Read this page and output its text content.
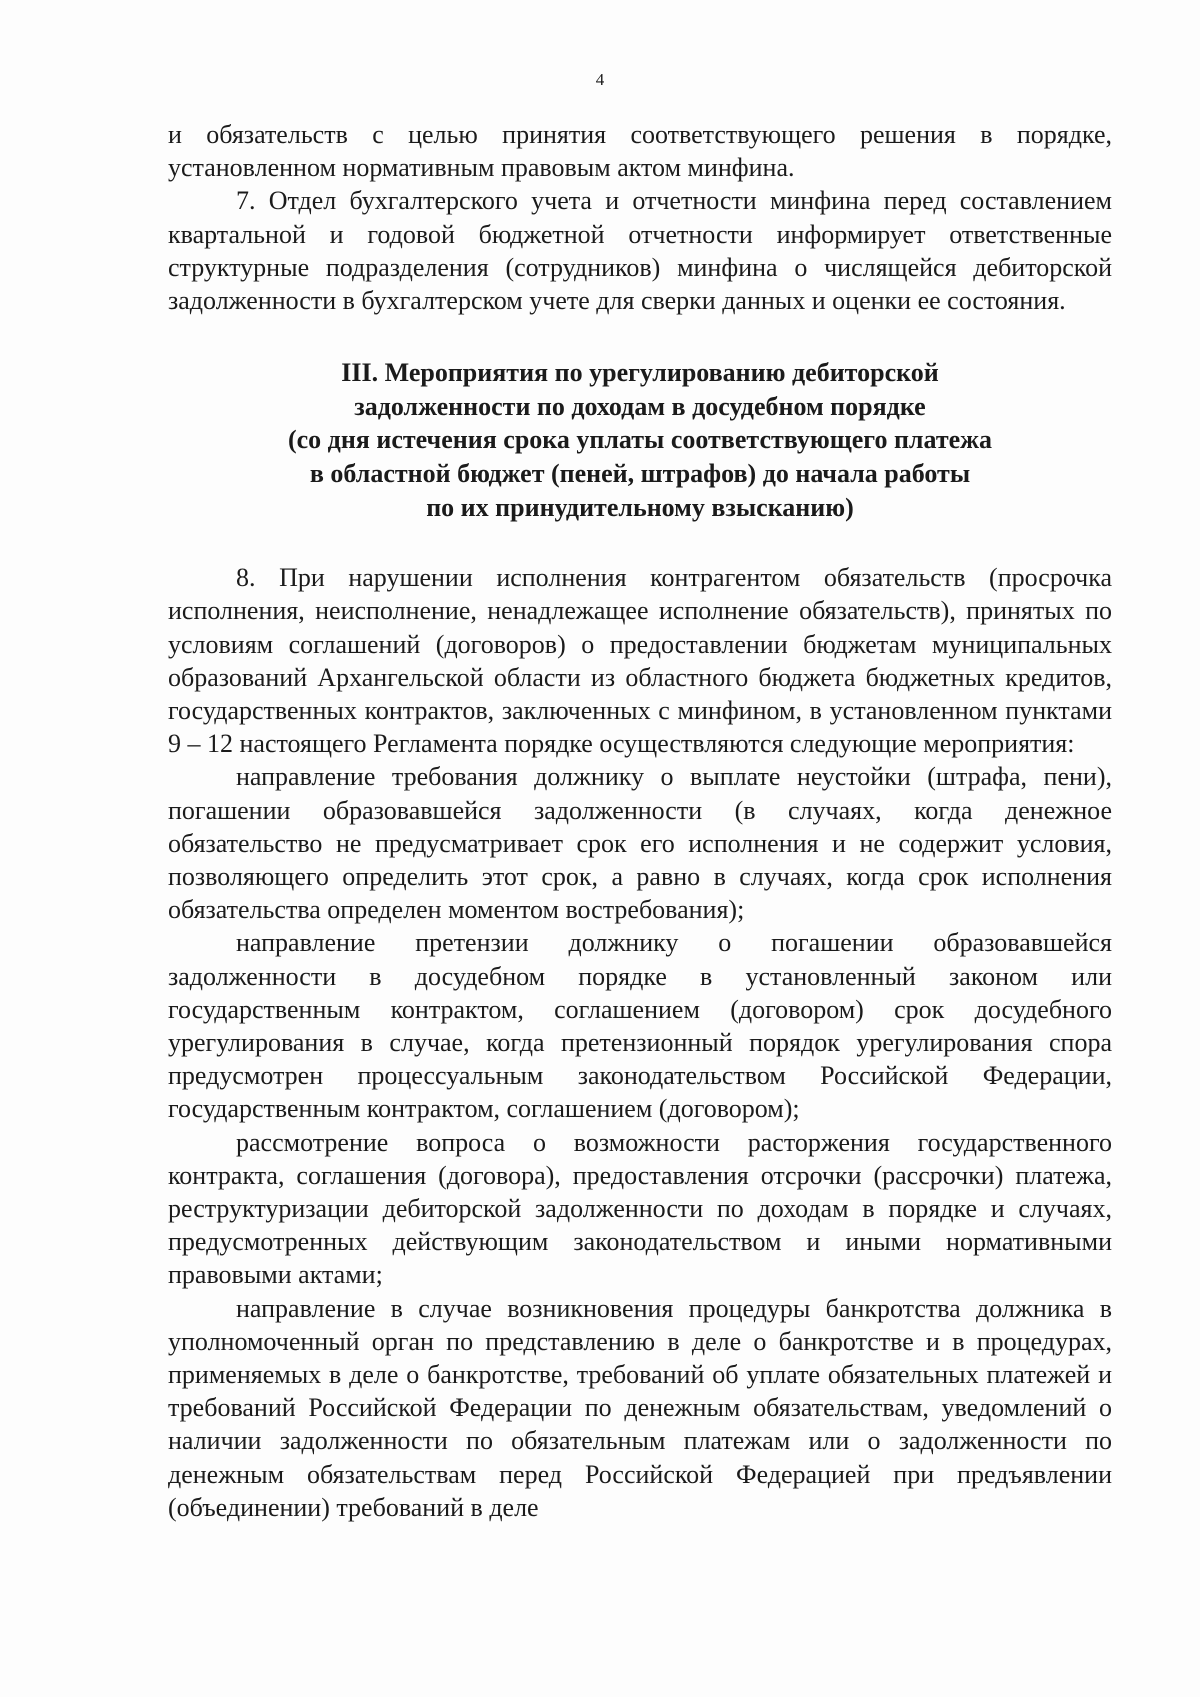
4

и обязательств с целью принятия соответствующего решения в порядке, установленном нормативным правовым актом минфина.

7. Отдел бухгалтерского учета и отчетности минфина перед составлением квартальной и годовой бюджетной отчетности информирует ответственные структурные подразделения (сотрудников) минфина о числящейся дебиторской задолженности в бухгалтерском учете для сверки данных и оценки ее состояния.

III. Мероприятия по урегулированию дебиторской
задолженности по доходам в досудебном порядке
(со дня истечения срока уплаты соответствующего платежа
в областной бюджет (пеней, штрафов) до начала работы
по их принудительному взысканию)

8. При нарушении исполнения контрагентом обязательств (просрочка исполнения, неисполнение, ненадлежащее исполнение обязательств), принятых по условиям соглашений (договоров) о предоставлении бюджетам муниципальных образований Архангельской области из областного бюджета бюджетных кредитов, государственных контрактов, заключенных с минфином, в установленном пунктами 9 – 12 настоящего Регламента порядке осуществляются следующие мероприятия:

направление требования должнику о выплате неустойки (штрафа, пени), погашении образовавшейся задолженности (в случаях, когда денежное обязательство не предусматривает срок его исполнения и не содержит условия, позволяющего определить этот срок, а равно в случаях, когда срок исполнения обязательства определен моментом востребования);

направление претензии должнику о погашении образовавшейся задолженности в досудебном порядке в установленный законом или государственным контрактом, соглашением (договором) срок досудебного урегулирования в случае, когда претензионный порядок урегулирования спора предусмотрен процессуальным законодательством Российской Федерации, государственным контрактом, соглашением (договором);

рассмотрение вопроса о возможности расторжения государственного контракта, соглашения (договора), предоставления отсрочки (рассрочки) платежа, реструктуризации дебиторской задолженности по доходам в порядке и случаях, предусмотренных действующим законодательством и иными нормативными правовыми актами;

направление в случае возникновения процедуры банкротства должника в уполномоченный орган по представлению в деле о банкротстве и в процедурах, применяемых в деле о банкротстве, требований об уплате обязательных платежей и требований Российской Федерации по денежным обязательствам, уведомлений о наличии задолженности по обязательным платежам или о задолженности по денежным обязательствам перед Российской Федерацией при предъявлении (объединении) требований в деле
